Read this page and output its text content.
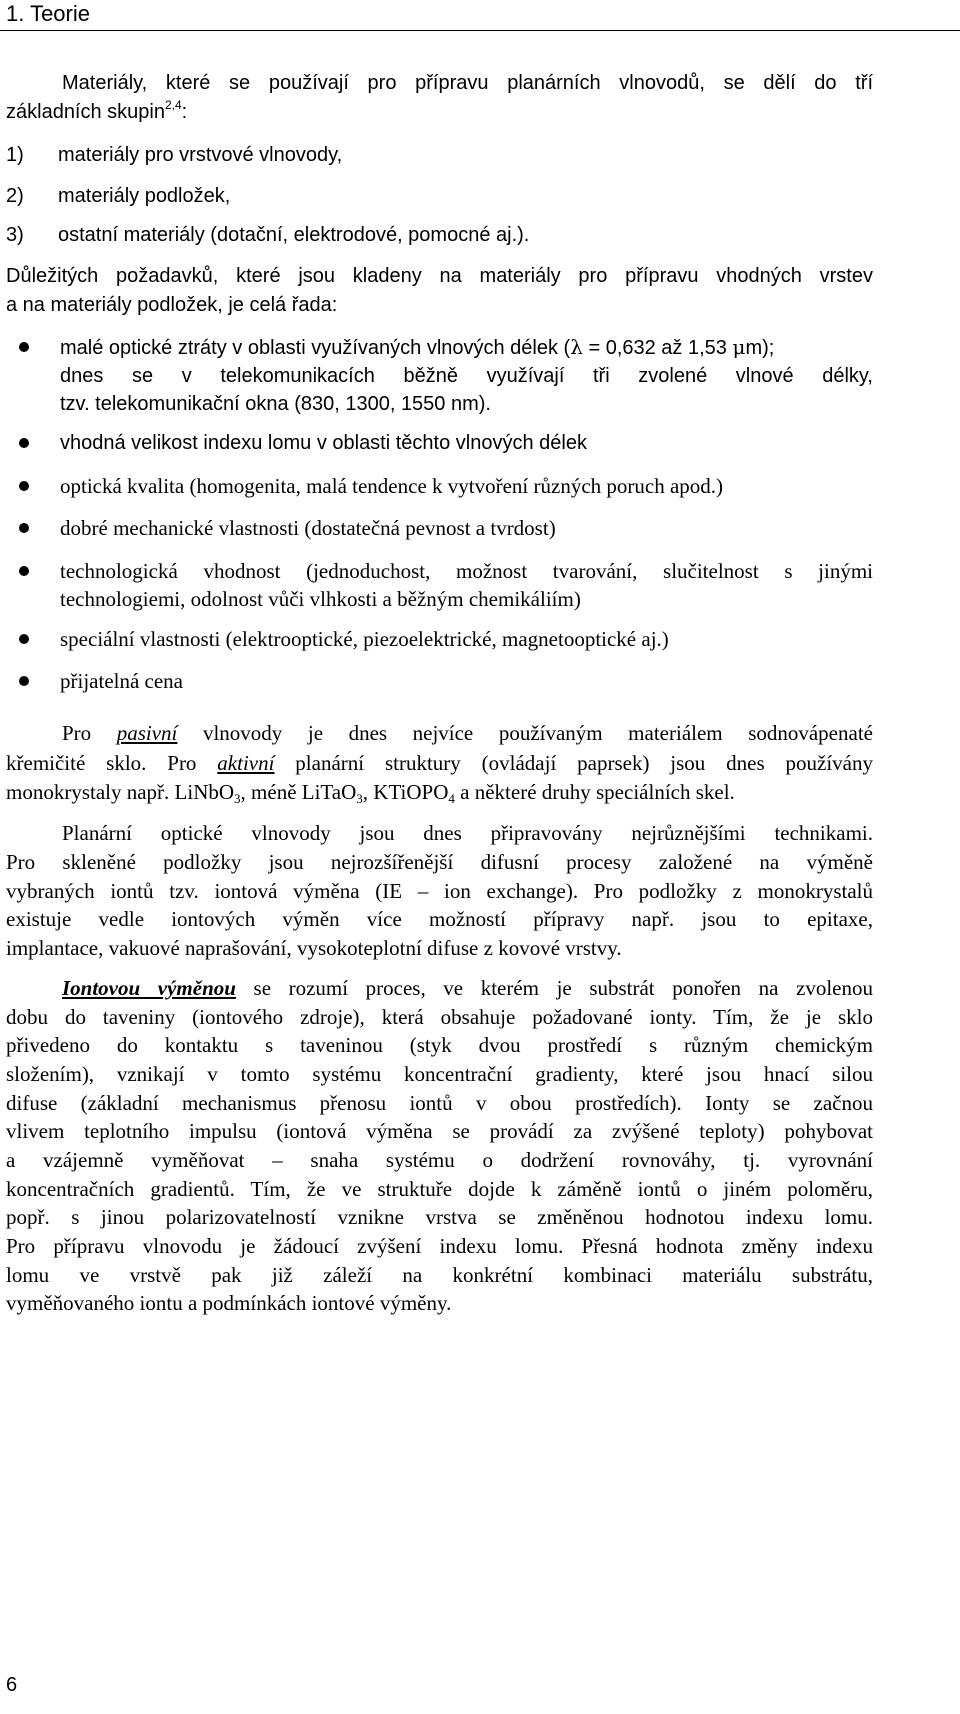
1. Teorie
Materiály, které se používají pro přípravu planárních vlnovodů, se dělí do tří
základních skupin$^{2,4}$:
1) materiály pro vrstvové vlnovody,
2) materiály podložek,
3) ostatní materiály (dotační, elektrodové, pomocné aj.).
Důležitých požadavků, které jsou kladeny na materiály pro přípravu vhodných vrstev
a na materiály podložek, je celá řada:
malé optické ztráty v oblasti využívaných vlnových délek (λ = 0,632 až 1,53 μm);
dnes se v telekomunikacích běžně využívají tři zvolené vlnové délky,
tzv. telekomunikační okna (830, 1300, 1550 nm).
vhodná velikost indexu lomu v oblasti těchto vlnových délek
optická kvalita (homogenita, malá tendence k vytvoření různých poruch apod.)
dobré mechanické vlastnosti (dostatečná pevnost a tvrdost)
technologická vhodnost (jednoduchost, možnost tvarování, slučitelnost s jinými
technologiemi, odolnost vůči vlhkosti a běžným chemikáliím)
speciální vlastnosti (elektrooptické, piezoelektrické, magnetooptické aj.)
přijatelná cena
Pro pasivní vlnovody je dnes nejvíce používaným materiálem sodnovápenaté
křemičité sklo. Pro aktivní planární struktury (ovládají paprsek) jsou dnes používány
monokrystaly např. LiNbO$_3$, méně LiTaO$_3$, KTiOPO$_4$ a některé druhy speciálních skel.
Planární optické vlnovody jsou dnes připravovány nejrůznějšími technikami.
Pro skleněné podložky jsou nejrozšířenější difusní procesy založené na výměně
vybraných iontů tzv. iontová výměna (IE – ion exchange). Pro podložky z monokrystalů
existuje vedle iontových výměn více možností přípravy např. jsou to epitaxe,
implantace, vakuové naprašování, vysokoteplotní difuse z kovové vrstvy.
Iontovou výměnou se rozumí proces, ve kterém je substrát ponořen na zvolenou
dobu do taveniny (iontového zdroje), která obsahuje požadované ionty. Tím, že je sklo
přivedeno do kontaktu s taveninou (styk dvou prostředí s různým chemickým
složením), vznikají v tomto systému koncentrační gradienty, které jsou hnací silou
difuse (základní mechanismus přenosu iontů v obou prostředích). Ionty se začnou
vlivem teplotního impulsu (iontová výměna se provádí za zvýšené teploty) pohybovat
a vzájemně vyměňovat – snaha systému o dodržení rovnováhy, tj. vyrovnání
koncentračních gradientů. Tím, že ve struktuře dojde k záměně iontů o jiném poloměru,
popř. s jinou polarizovatelností vznikne vrstva se změněnou hodnotou indexu lomu.
Pro přípravu vlnovodu je žádoucí zvýšení indexu lomu. Přesná hodnota změny indexu
lomu ve vrstvě pak již záleží na konkrétní kombinaci materiálu substrátu,
vyměňovaného iontu a podmínkách iontové výměny.
6
